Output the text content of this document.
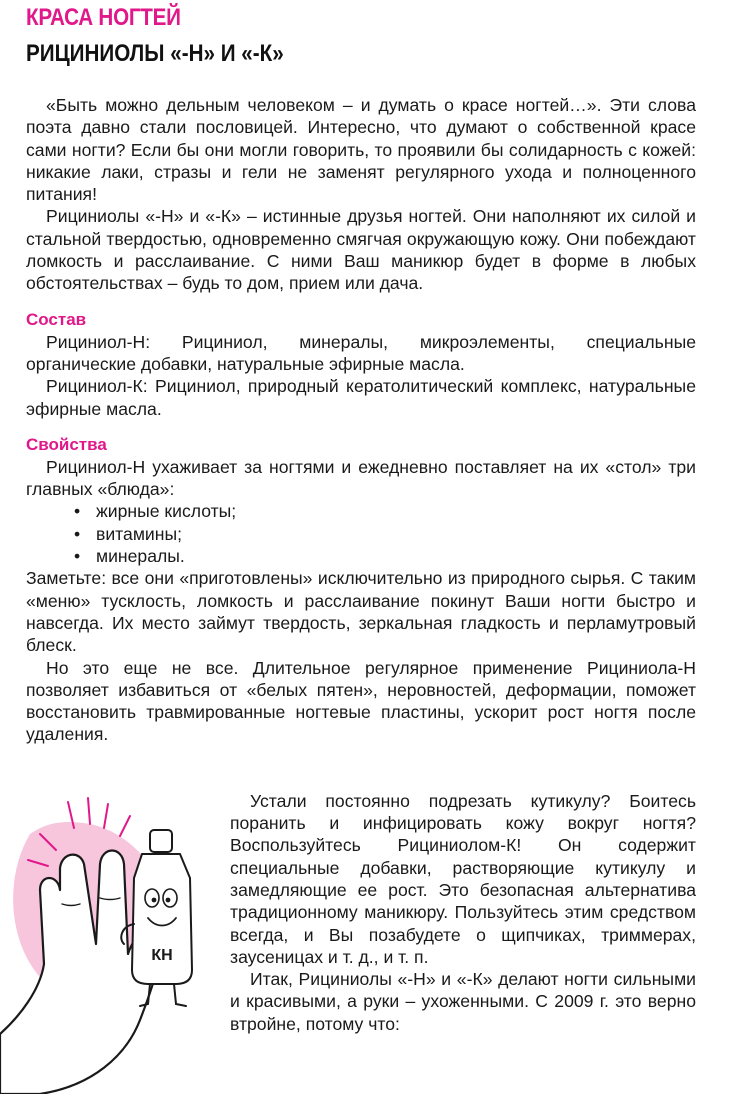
КРАСА НОГТЕЙ
РИЦИНИОЛЫ «-Н» И «-К»

«Быть можно дельным человеком – и думать о красе ногтей…». Эти слова поэта давно стали пословицей. Интересно, что думают о собственной красе сами ногти? Если бы они могли говорить, то проявили бы солидарность с кожей: никакие лаки, стразы и гели не заменят регулярного ухода и полноценного питания!

Рициниолы «-Н» и «-К» – истинные друзья ногтей. Они наполняют их силой и стальной твердостью, одновременно смягчая окружающую кожу. Они побеждают ломкость и расслаивание. С ними Ваш маникюр будет в форме в любых обстоятельствах – будь то дом, прием или дача.

Состав

Рициниол-Н: Рициниол, минералы, микроэлементы, специальные органические добавки, натуральные эфирные масла.

Рициниол-К: Рициниол, природный кератолитический комплекс, натуральные эфирные масла.

Свойства

Рициниол-Н ухаживает за ногтями и ежедневно поставляет на их «стол» три главных «блюда»:

• жирные кислоты;
• витамины;
• минералы.

Заметьте: все они «приготовлены» исключительно из природного сырья. С таким «меню» тусклость, ломкость и расслаивание покинут Ваши ногти быстро и навсегда. Их место займут твердость, зеркальная гладкость и перламутровый блеск.

Но это еще не все. Длительное регулярное применение Рициниола-Н позволяет избавиться от «белых пятен», неровностей, деформации, поможет восстановить травмированные ногтевые пластины, ускорит рост ногтя после удаления.

КН

Устали постоянно подрезать кутикулу? Боитесь поранить и инфицировать кожу вокруг ногтя? Воспользуйтесь Рициниолом-К! Он содержит специальные добавки, растворяющие кутикулу и замедляющие ее рост. Это безопасная альтернатива традиционному маникюру. Пользуйтесь этим средством всегда, и Вы позабудете о щипчиках, триммерах, заусеницах и т. д., и т. п.

Итак, Рициниолы «-Н» и «-К» делают ногти сильными и красивыми, а руки – ухоженными. С 2009 г. это верно втройне, потому что:
